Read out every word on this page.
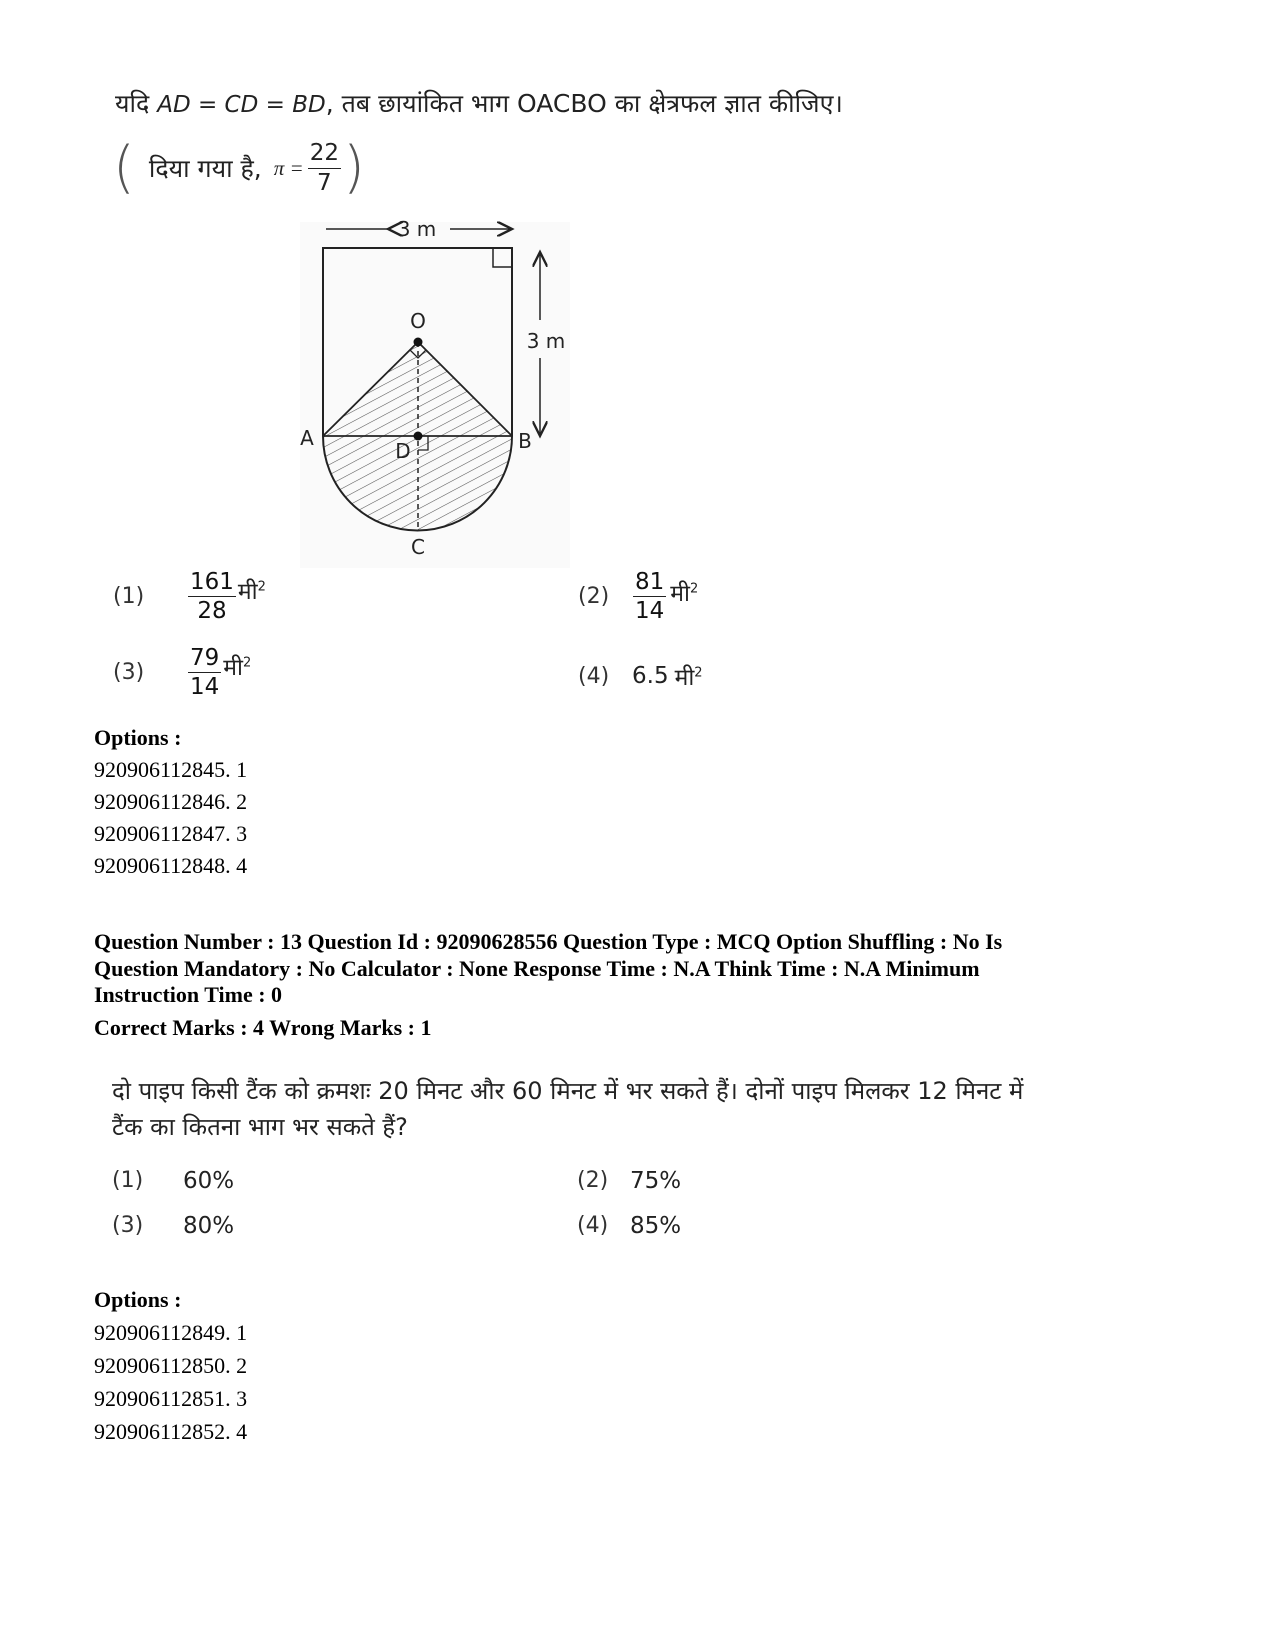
यदि AD = CD = BD, तब छायांकित भाग OACBO का क्षेत्रफल ज्ञात कीजिए।
( दिया गया है, $\pi = \frac{22}{7}$ )
3 m
3 m
O
A	B
D
C
(1)	$\frac{161}{28}$ मी$^2$	(2)	$\frac{81}{14}$ मी$^2$
(3)	$\frac{79}{14}$ मी$^2$
(4) 6.5 मी$^2$
Options :
920906112845. 1
920906112846. 2
920906112847. 3
920906112848. 4
Question Number : 13 Question Id : 92090628556 Question Type : MCQ Option Shuffling : No Is
Question Mandatory : No Calculator : None Response Time : N.A Think Time : N.A Minimum
Instruction Time : 0
Correct Marks : 4 Wrong Marks : 1
दो पाइप किसी टैंक को क्रमशः 20 मिनट और 60 मिनट में भर सकते हैं। दोनों पाइप मिलकर 12 मिनट में
टैंक का कितना भाग भर सकते हैं?
(1)	60%	(2) 75%
(3)	80%	(4) 85%
Options :
920906112849. 1
920906112850. 2
920906112851. 3
920906112852. 4
